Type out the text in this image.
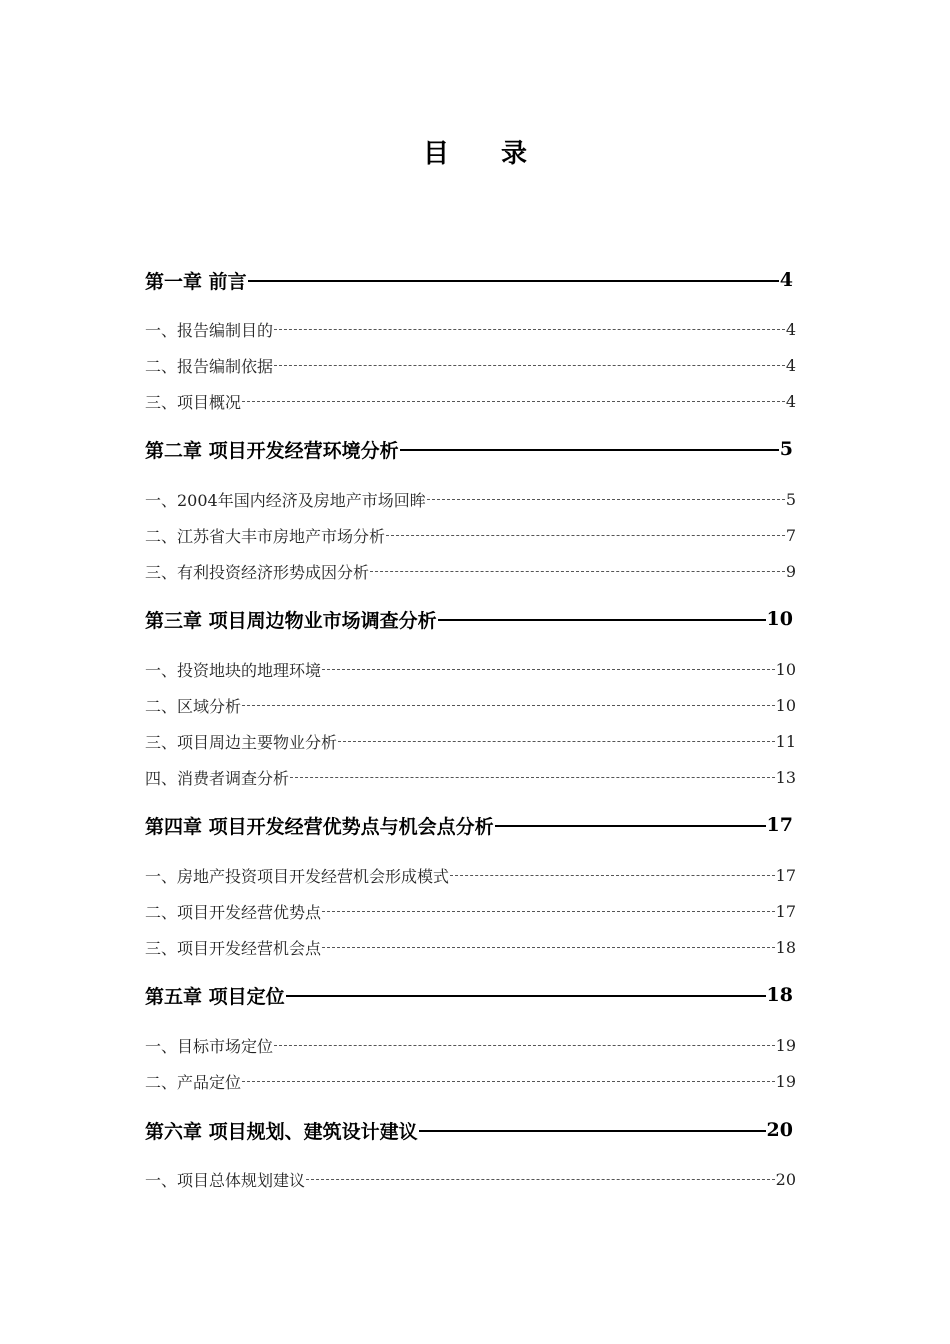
目　录
第一章 前言	4
一、报告编制目的	4
二、报告编制依据	4
三、项目概况	4
第二章 项目开发经营环境分析	5
一、2004年国内经济及房地产市场回眸	5
二、江苏省大丰市房地产市场分析	7
三、有利投资经济形势成因分析	9
第三章 项目周边物业市场调查分析	10
一、投资地块的地理环境	10
二、区域分析	10
三、项目周边主要物业分析	11
四、消费者调查分析	13
第四章 项目开发经营优势点与机会点分析	17
一、房地产投资项目开发经营机会形成模式	17
二、项目开发经营优势点	17
三、项目开发经营机会点	18
第五章 项目定位	18
一、目标市场定位	19
二、产品定位	19
第六章 项目规划、建筑设计建议	20
一、项目总体规划建议	20
